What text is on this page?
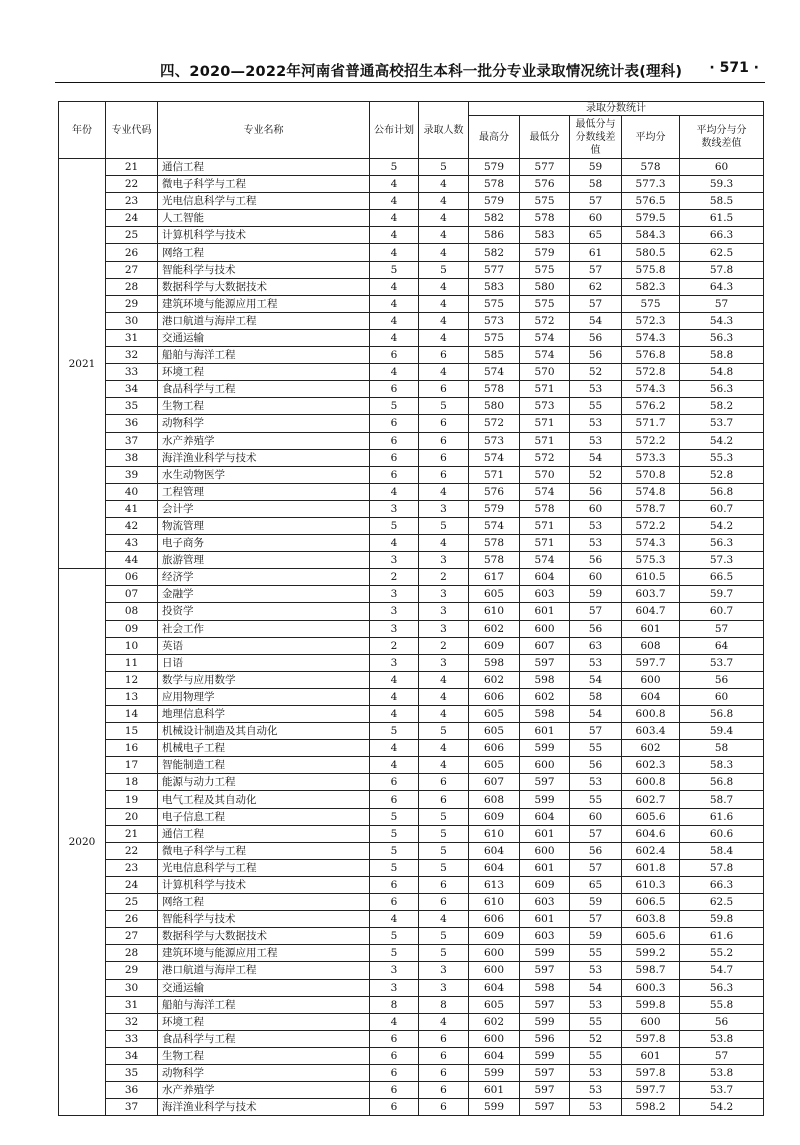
四、2020—2022年河南省普通高校招生本科一批分专业录取情况统计表(理科) · 571 ·
年份	专业代码	专业名称	公布计划	录取人数	录取分数统计				
					最高分	最低分	最低分与分数线差值	平均分	平均分与分数线差值
2021	21	通信工程	5	5	579	577	59	578	60
	22	微电子科学与工程	4	4	578	576	58	577.3	59.3
	23	光电信息科学与工程	4	4	579	575	57	576.5	58.5
	24	人工智能	4	4	582	578	60	579.5	61.5
	25	计算机科学与技术	4	4	586	583	65	584.3	66.3
	26	网络工程	4	4	582	579	61	580.5	62.5
	27	智能科学与技术	5	5	577	575	57	575.8	57.8
	28	数据科学与大数据技术	4	4	583	580	62	582.3	64.3
	29	建筑环境与能源应用工程	4	4	575	575	57	575	57
	30	港口航道与海岸工程	4	4	573	572	54	572.3	54.3
	31	交通运输	4	4	575	574	56	574.3	56.3
	32	船舶与海洋工程	6	6	585	574	56	576.8	58.8
	33	环境工程	4	4	574	570	52	572.8	54.8
	34	食品科学与工程	6	6	578	571	53	574.3	56.3
	35	生物工程	5	5	580	573	55	576.2	58.2
	36	动物科学	6	6	572	571	53	571.7	53.7
	37	水产养殖学	6	6	573	571	53	572.2	54.2
	38	海洋渔业科学与技术	6	6	574	572	54	573.3	55.3
	39	水生动物医学	6	6	571	570	52	570.8	52.8
	40	工程管理	4	4	576	574	56	574.8	56.8
	41	会计学	3	3	579	578	60	578.7	60.7
	42	物流管理	5	5	574	571	53	572.2	54.2
	43	电子商务	4	4	578	571	53	574.3	56.3
	44	旅游管理	3	3	578	574	56	575.3	57.3
2020	06	经济学	2	2	617	604	60	610.5	66.5
	07	金融学	3	3	605	603	59	603.7	59.7
	08	投资学	3	3	610	601	57	604.7	60.7
	09	社会工作	3	3	602	600	56	601	57
	10	英语	2	2	609	607	63	608	64
	11	日语	3	3	598	597	53	597.7	53.7
	12	数学与应用数学	4	4	602	598	54	600	56
	13	应用物理学	4	4	606	602	58	604	60
	14	地理信息科学	4	4	605	598	54	600.8	56.8
	15	机械设计制造及其自动化	5	5	605	601	57	603.4	59.4
	16	机械电子工程	4	4	606	599	55	602	58
	17	智能制造工程	4	4	605	600	56	602.3	58.3
	18	能源与动力工程	6	6	607	597	53	600.8	56.8
	19	电气工程及其自动化	6	6	608	599	55	602.7	58.7
	20	电子信息工程	5	5	609	604	60	605.6	61.6
	21	通信工程	5	5	610	601	57	604.6	60.6
	22	微电子科学与工程	5	5	604	600	56	602.4	58.4
	23	光电信息科学与工程	5	5	604	601	57	601.8	57.8
	24	计算机科学与技术	6	6	613	609	65	610.3	66.3
	25	网络工程	6	6	610	603	59	606.5	62.5
	26	智能科学与技术	4	4	606	601	57	603.8	59.8
	27	数据科学与大数据技术	5	5	609	603	59	605.6	61.6
	28	建筑环境与能源应用工程	5	5	600	599	55	599.2	55.2
	29	港口航道与海岸工程	3	3	600	597	53	598.7	54.7
	30	交通运输	3	3	604	598	54	600.3	56.3
	31	船舶与海洋工程	8	8	605	597	53	599.8	55.8
	32	环境工程	4	4	602	599	55	600	56
	33	食品科学与工程	6	6	600	596	52	597.8	53.8
	34	生物工程	6	6	604	599	55	601	57
	35	动物科学	6	6	599	597	53	597.8	53.8
	36	水产养殖学	6	6	601	597	53	597.7	53.7
	37	海洋渔业科学与技术	6	6	599	597	53	598.2	54.2
